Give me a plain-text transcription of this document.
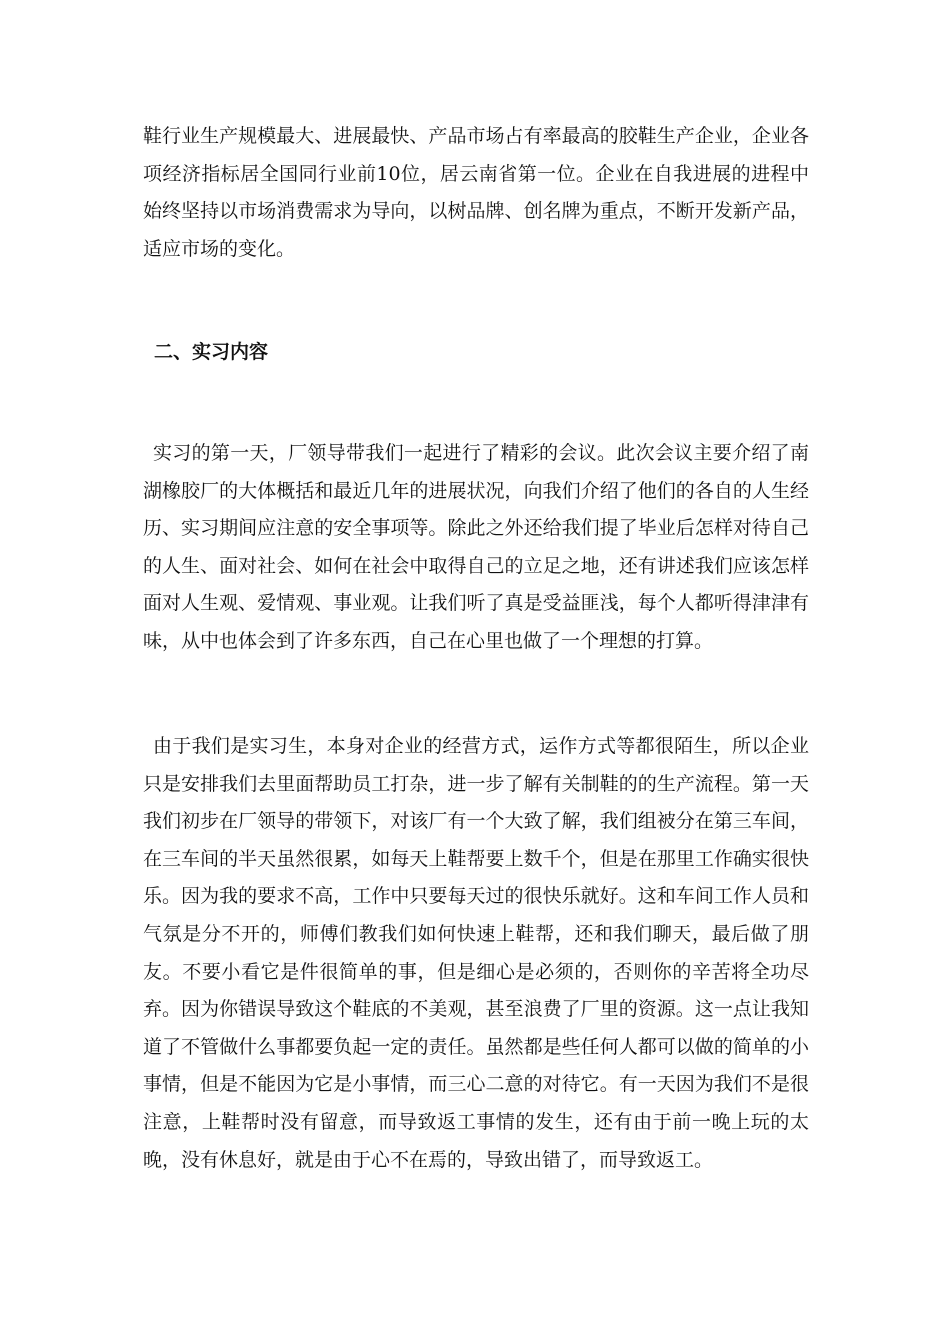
鞋行业生产规模最大、进展最快、产品市场占有率最高的胶鞋生产企业，企业各项经济指标居全国同行业前10位，居云南省第一位。企业在自我进展的进程中始终坚持以市场消费需求为导向，以树品牌、创名牌为重点，不断开发新产品，适应市场的变化。

二、实习内容

实习的第一天，厂领导带我们一起进行了精彩的会议。此次会议主要介绍了南湖橡胶厂的大体概括和最近几年的进展状况，向我们介绍了他们的各自的人生经历、实习期间应注意的安全事项等。除此之外还给我们提了毕业后怎样对待自己的人生、面对社会、如何在社会中取得自己的立足之地，还有讲述我们应该怎样面对人生观、爱情观、事业观。让我们听了真是受益匪浅，每个人都听得津津有味，从中也体会到了许多东西，自己在心里也做了一个理想的打算。

由于我们是实习生，本身对企业的经营方式，运作方式等都很陌生，所以企业只是安排我们去里面帮助员工打杂，进一步了解有关制鞋的的生产流程。第一天我们初步在厂领导的带领下，对该厂有一个大致了解，我们组被分在第三车间，在三车间的半天虽然很累，如每天上鞋帮要上数千个，但是在那里工作确实很快乐。因为我的要求不高，工作中只要每天过的很快乐就好。这和车间工作人员和气氛是分不开的，师傅们教我们如何快速上鞋帮，还和我们聊天，最后做了朋友。不要小看它是件很简单的事，但是细心是必须的，否则你的辛苦将全功尽弃。因为你错误导致这个鞋底的不美观，甚至浪费了厂里的资源。这一点让我知道了不管做什么事都要负起一定的责任。虽然都是些任何人都可以做的简单的小事情，但是不能因为它是小事情，而三心二意的对待它。有一天因为我们不是很注意，上鞋帮时没有留意，而导致返工事情的发生，还有由于前一晚上玩的太晚，没有休息好，就是由于心不在焉的，导致出错了，而导致返工。
